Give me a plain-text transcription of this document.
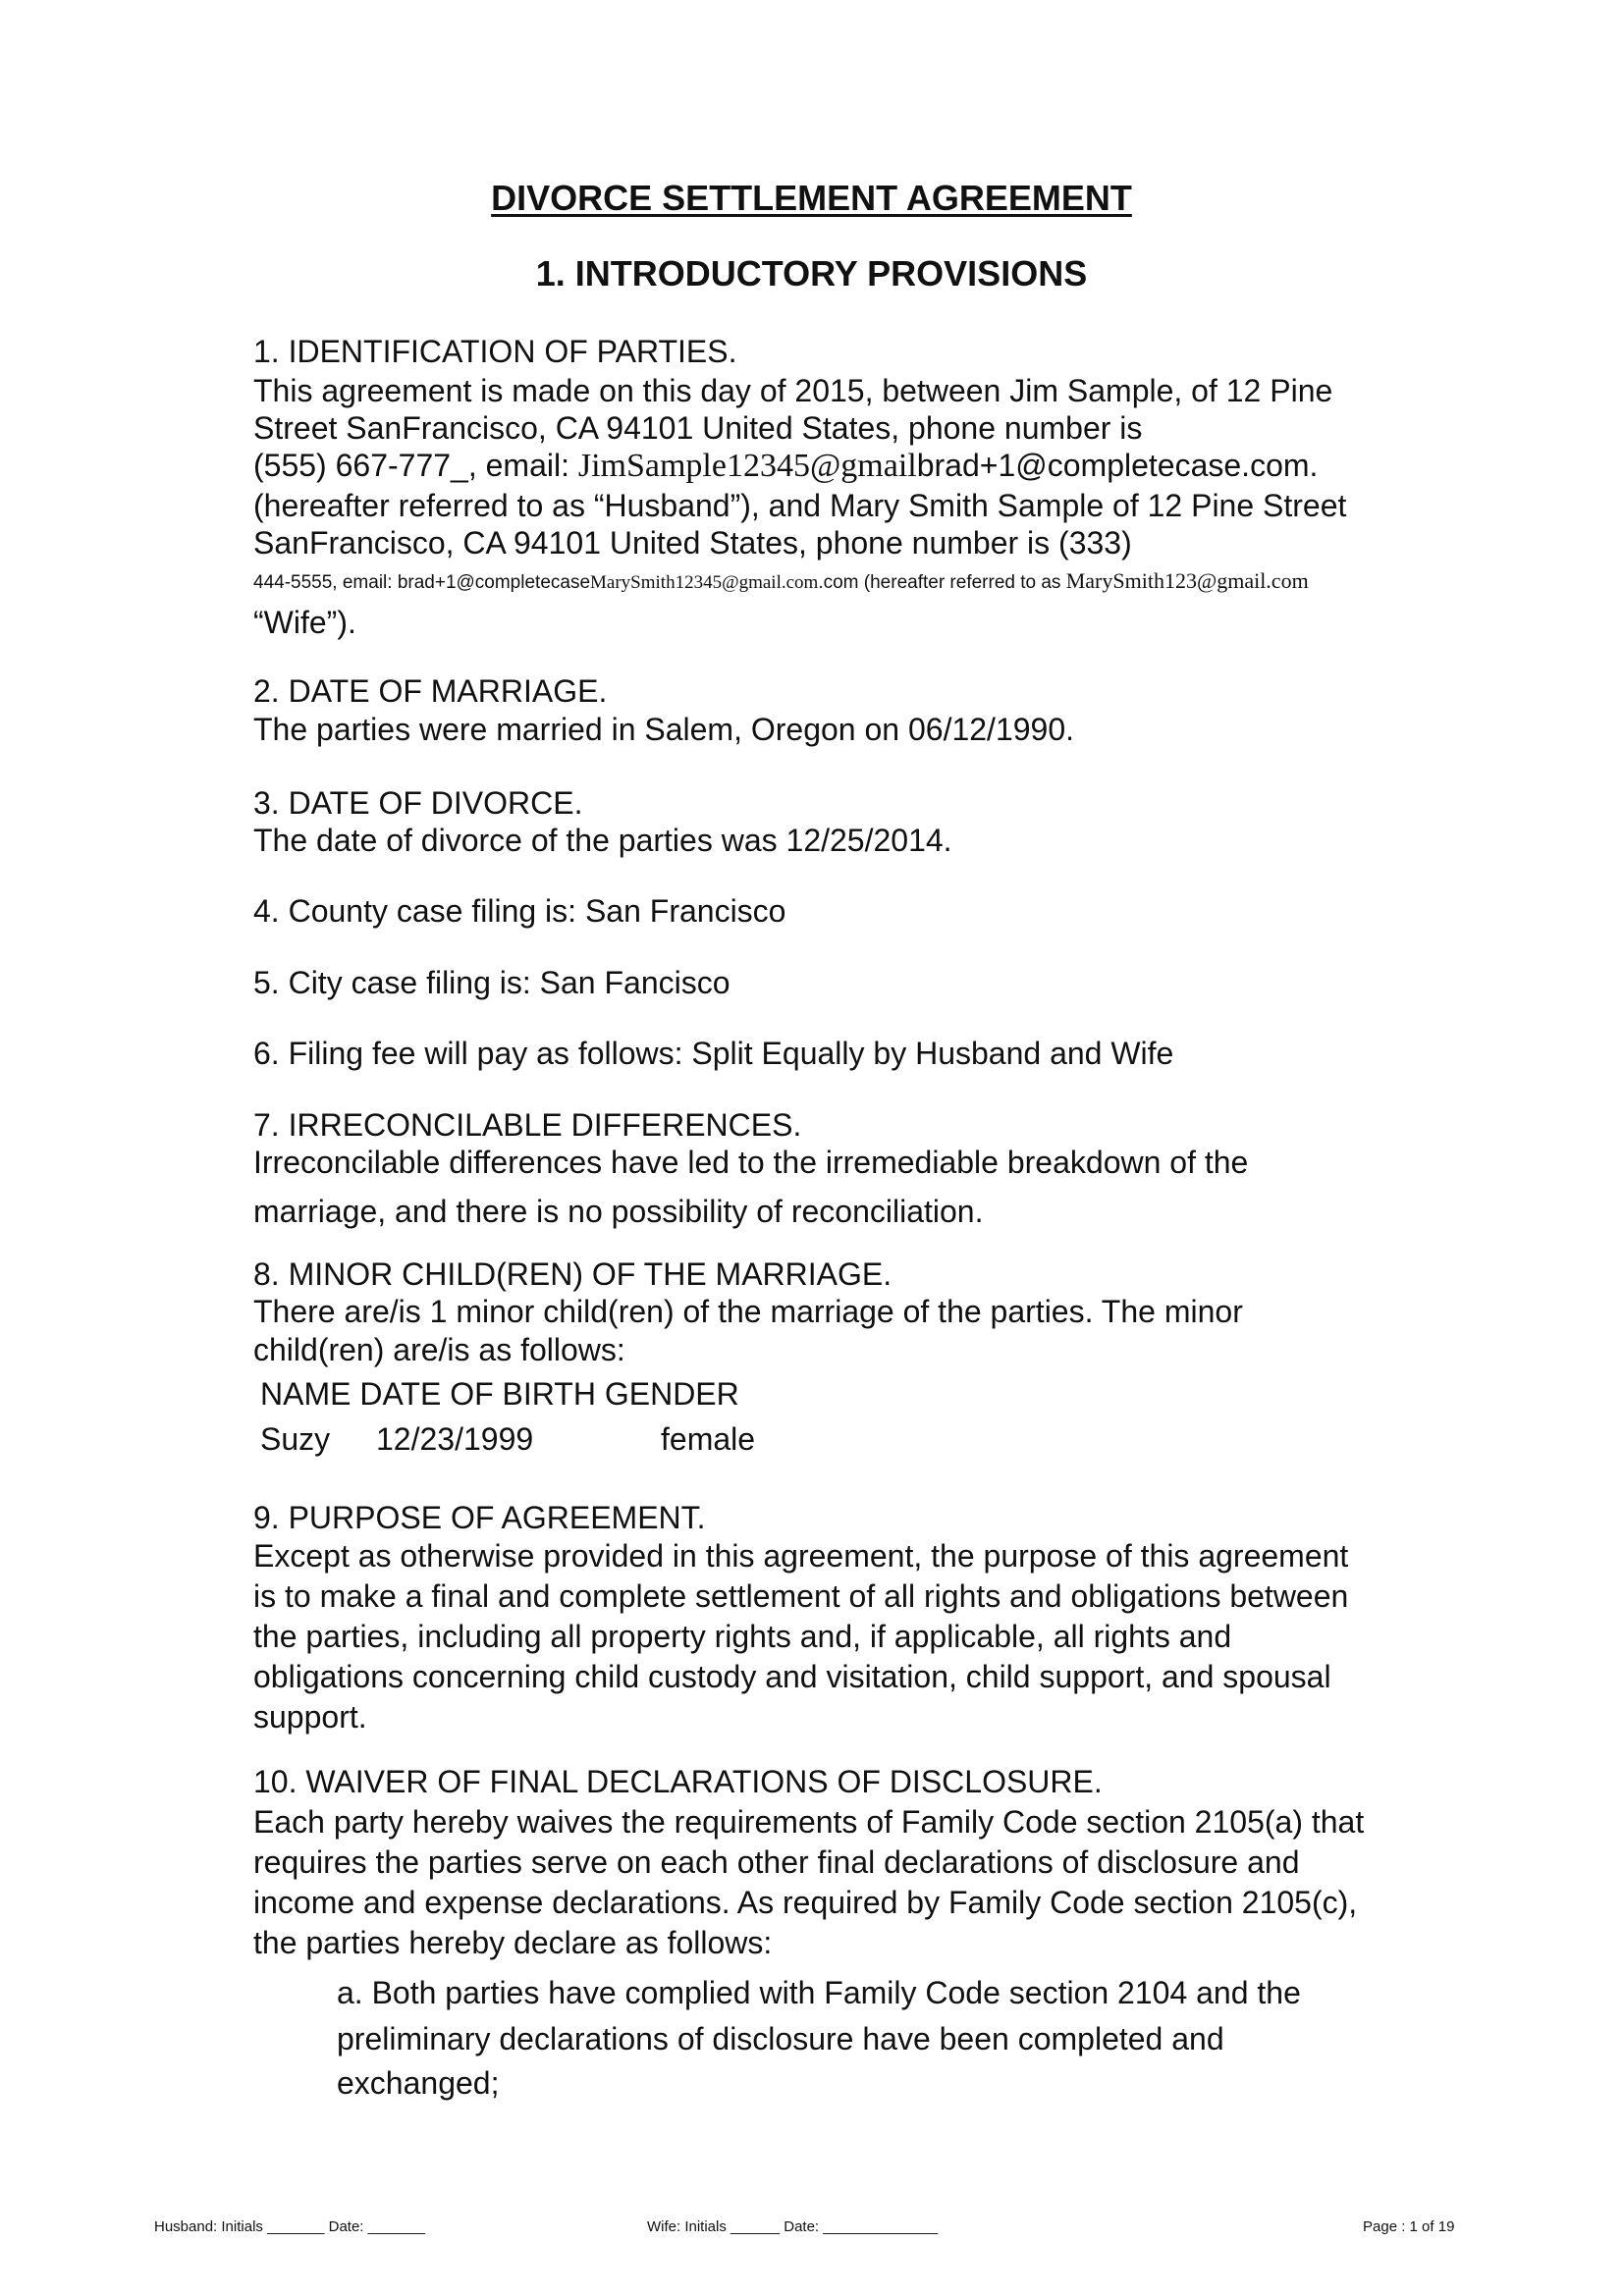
DIVORCE SETTLEMENT AGREEMENT
1. INTRODUCTORY PROVISIONS
1. IDENTIFICATION OF PARTIES.
This agreement is made on this day of 2015, between Jim Sample, of 12 Pine
Street SanFrancisco, CA 94101 United States, phone number is
(555) 667-777_, email: JimSample12345@gmailbrad+1@completecase.com.
(hereafter referred to as “Husband”), and Mary Smith Sample of 12 Pine Street
SanFrancisco, CA 94101 United States, phone number is (333)
444-5555, email: brad+1@completecaseMarySmith12345@gmail.com.com (hereafter referred to as MarySmith123@gmail.com
“Wife”).
2. DATE OF MARRIAGE.
The parties were married in Salem, Oregon on 06/12/1990.
3. DATE OF DIVORCE.
The date of divorce of the parties was 12/25/2014.
4. County case filing is: San Francisco
5. City case filing is: San Fancisco
6. Filing fee will pay as follows: Split Equally by Husband and Wife
7. IRRECONCILABLE DIFFERENCES.
Irreconcilable differences have led to the irremediable breakdown of the
marriage, and there is no possibility of reconciliation.
8. MINOR CHILD(REN) OF THE MARRIAGE.
There are/is 1 minor child(ren) of the marriage of the parties. The minor
child(ren) are/is as follows:
NAME DATE OF BIRTH GENDER
Suzy 12/23/1999	female
9. PURPOSE OF AGREEMENT.
Except as otherwise provided in this agreement, the purpose of this agreement
is to make a final and complete settlement of all rights and obligations between
the parties, including all property rights and, if applicable, all rights and
obligations concerning child custody and visitation, child support, and spousal
support.
10. WAIVER OF FINAL DECLARATIONS OF DISCLOSURE.
Each party hereby waives the requirements of Family Code section 2105(a) that
requires the parties serve on each other final declarations of disclosure and
income and expense declarations. As required by Family Code section 2105(c),
the parties hereby declare as follows:
a. Both parties have complied with Family Code section 2104 and the
preliminary declarations of disclosure have been completed and
exchanged;
Husband: Initials _______ Date: _______	Wife: Initials ______ Date: ______________	Page : 1 of 19
